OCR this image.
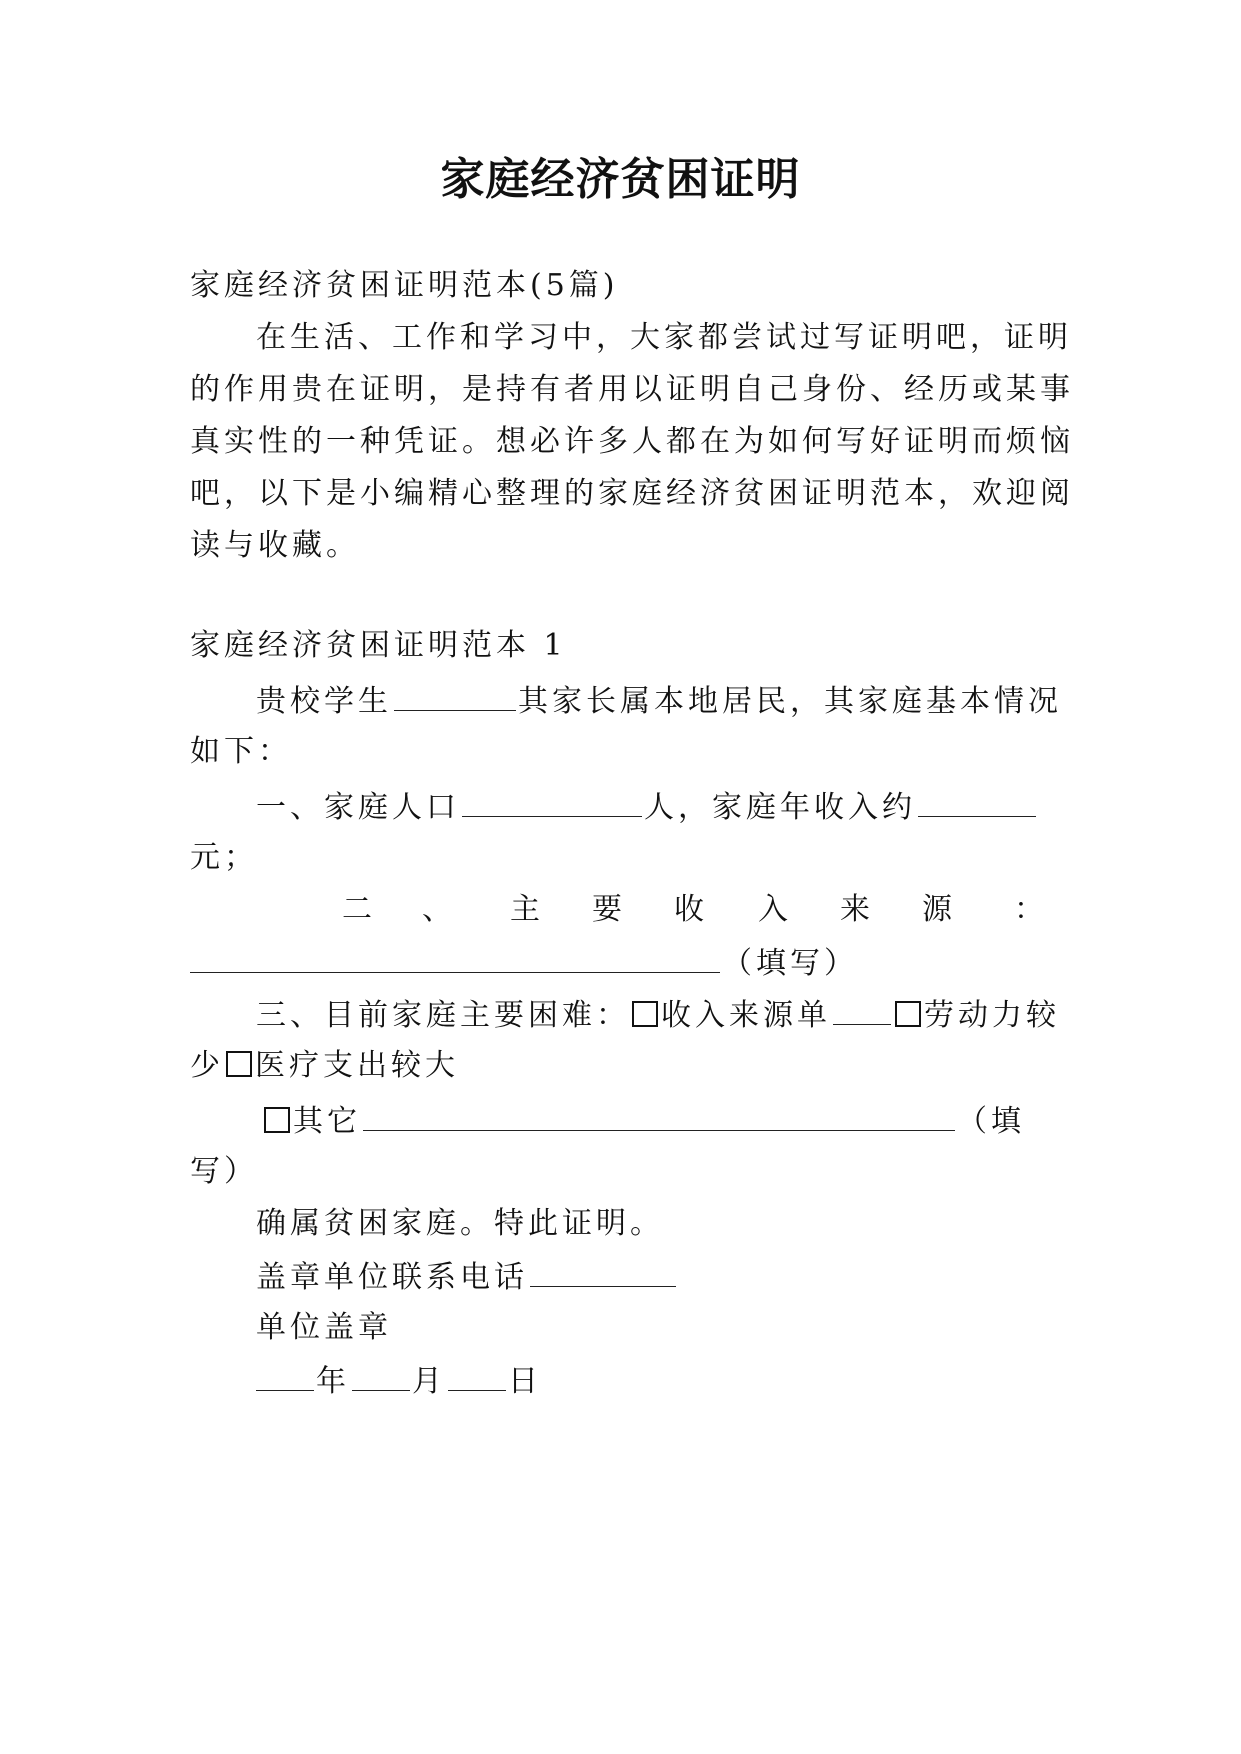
家庭经济贫困证明
家庭经济贫困证明范本(5篇)
在生活、工作和学习中，大家都尝试过写证明吧，证明
的作用贵在证明，是持有者用以证明自己身份、经历或某事
真实性的一种凭证。想必许多人都在为如何写好证明而烦恼
吧，以下是小编精心整理的家庭经济贫困证明范本，欢迎阅
读与收藏。
家庭经济贫困证明范本 1
贵校学生	其家长属本地居民，其家庭基本情况
如下：
一、家庭人口	人，家庭年收入约
元；
二 、 主 要 收 入 来 源 ：
（填写）
三、目前家庭主要困难： 收入来源单	劳动力较
少 医疗支出较大
其它	（填
写）
确属贫困家庭。特此证明。
盖章单位联系电话
单位盖章
年 月 日
